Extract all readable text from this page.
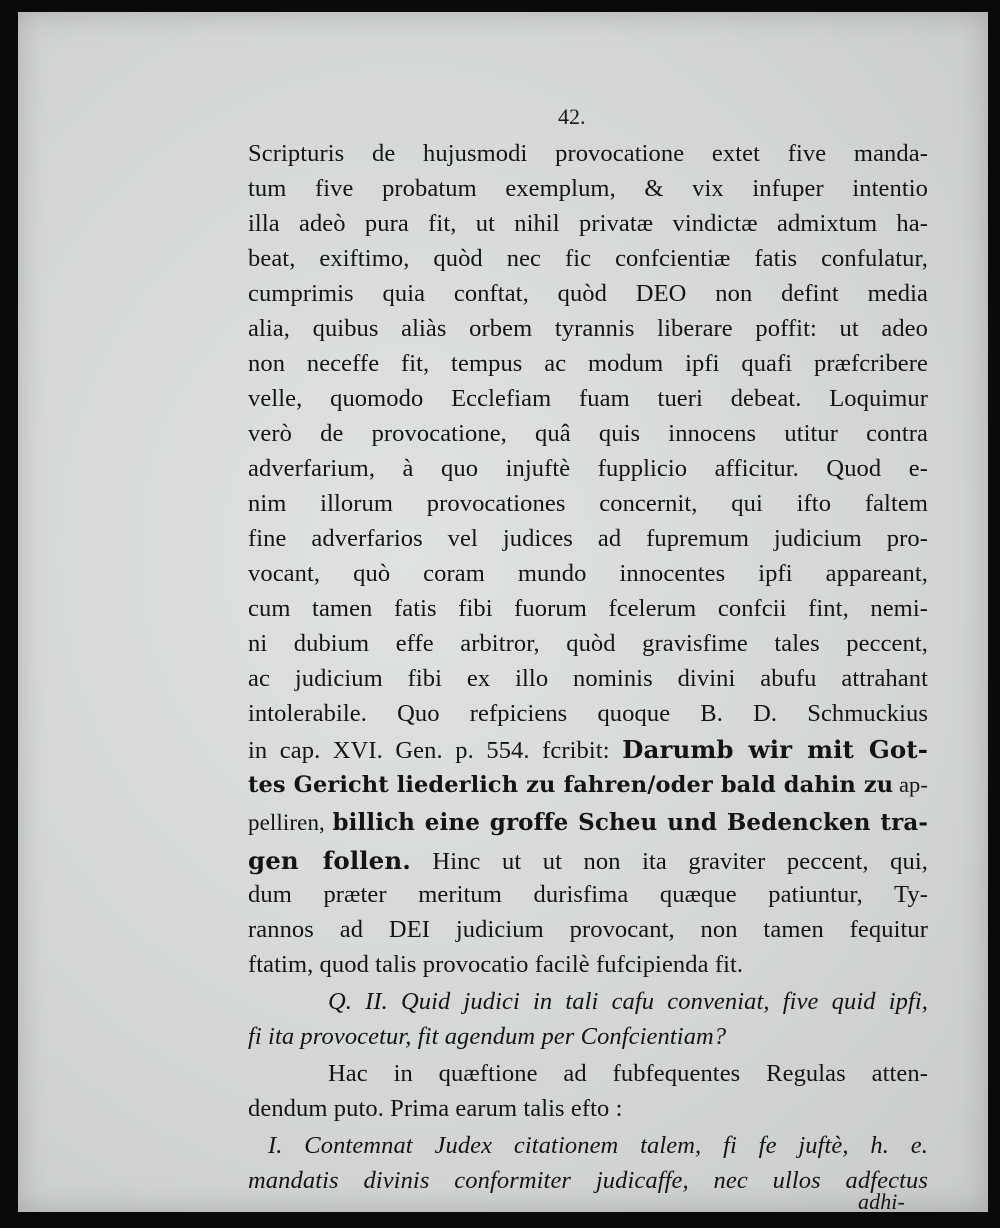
42.
Scripturis de hujusmodi provocatione extet five manda-
tum five probatum exemplum, & vix infuper intentio
illa adeò pura fit, ut nihil privatæ vindictæ admixtum ha-
beat, exiftimo, quòd nec fic confcientiæ fatis confulatur,
cumprimis quia conftat, quòd DEO non defint media
alia, quibus aliàs orbem tyrannis liberare poffit: ut adeo
non neceffe fit, tempus ac modum ipfi quafi præfcribere
velle, quomodo Ecclefiam fuam tueri debeat. Loquimur
verò de provocatione, quâ quis innocens utitur contra
adverfarium, à quo injuftè fupplicio afficitur. Quod e-
nim illorum provocationes concernit, qui ifto faltem
fine adverfarios vel judices ad fupremum judicium pro-
vocant, quò coram mundo innocentes ipfi appareant,
cum tamen fatis fibi fuorum fcelerum confcii fint, nemi-
ni dubium effe arbitror, quòd gravisfime tales peccent,
ac judicium fibi ex illo nominis divini abufu attrahant
intolerabile. Quo refpiciens quoque B. D. Schmuckius
in cap. XVI. Gen. p. 554. fcribit: Darumb wir mit Got-
tes Gericht liederlich zu fahren/oder bald dahin zu ap-
pelliren, billich eine groffe Scheu und Bedencken tra-
gen follen. Hinc ut ut non ita graviter peccent, qui,
dum præter meritum durisfima quæque patiuntur, Ty-
rannos ad DEI judicium provocant, non tamen fequitur
ftatim, quod talis provocatio facilè fufcipienda fit.
Q. II. Quid judici in tali cafu conveniat, five quid ipfi,
fi ita provocetur, fit agendum per Confcientiam?
Hac in quæftione ad fubfequentes Regulas atten-
dendum puto. Prima earum talis efto :
I. Contemnat Judex citationem talem, fi fe juftè, h. e.
mandatis divinis conformiter judicaffe, nec ullos adfectus
adhi-
